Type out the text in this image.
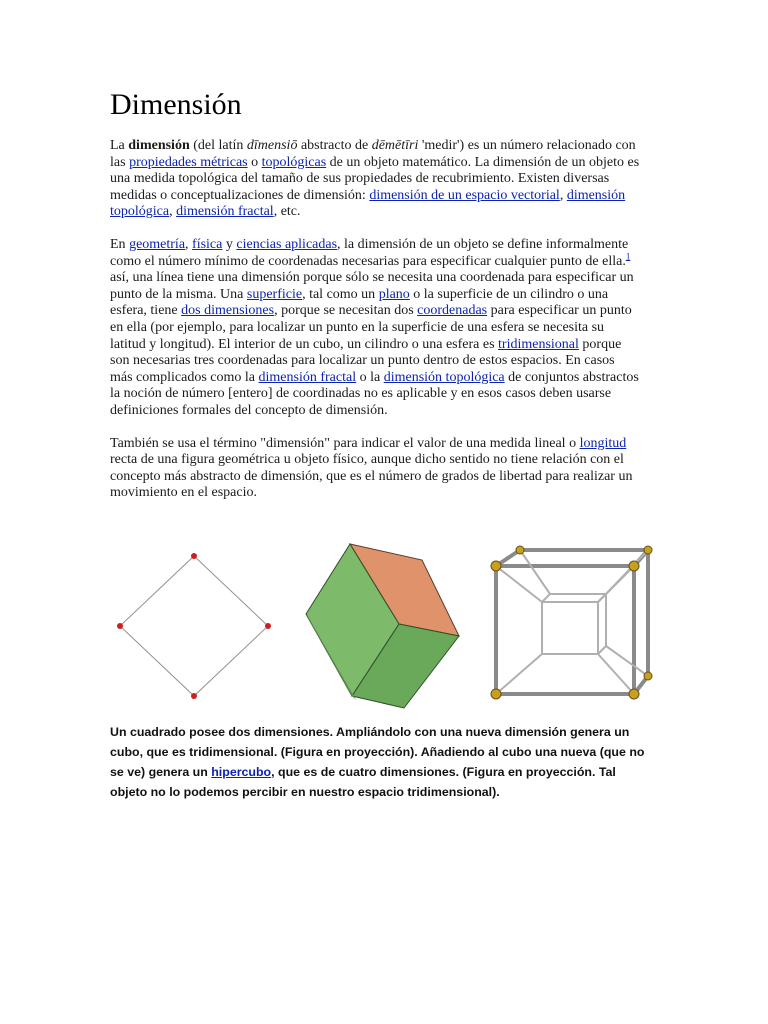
Dimensión

La dimensión (del latín dīmensiō abstracto de dēmētīri 'medir') es un número relacionado con las propiedades métricas o topológicas de un objeto matemático. La dimensión de un objeto es una medida topológica del tamaño de sus propiedades de recubrimiento. Existen diversas medidas o conceptualizaciones de dimensión: dimensión de un espacio vectorial, dimensión topológica, dimensión fractal, etc.

En geometría, física y ciencias aplicadas, la dimensión de un objeto se define informalmente como el número mínimo de coordenadas necesarias para especificar cualquier punto de ella.$^1$ así, una línea tiene una dimensión porque sólo se necesita una coordenada para especificar un punto de la misma. Una superficie, tal como un plano o la superficie de un cilindro o una esfera, tiene dos dimensiones, porque se necesitan dos coordenadas para especificar un punto en ella (por ejemplo, para localizar un punto en la superficie de una esfera se necesita su latitud y longitud). El interior de un cubo, un cilindro o una esfera es tridimensional porque son necesarias tres coordenadas para localizar un punto dentro de estos espacios. En casos más complicados como la dimensión fractal o la dimensión topológica de conjuntos abstractos la noción de número [entero] de coordinadas no es aplicable y en esos casos deben usarse definiciones formales del concepto de dimensión.

También se usa el término "dimensión" para indicar el valor de una medida lineal o longitud recta de una figura geométrica u objeto físico, aunque dicho sentido no tiene relación con el concepto más abstracto de dimensión, que es el número de grados de libertad para realizar un movimiento en el espacio.

Un cuadrado posee dos dimensiones. Ampliándolo con una nueva dimensión genera un cubo, que es tridimensional. (Figura en proyección). Añadiendo al cubo una nueva (que no se ve) genera un hipercubo, que es de cuatro dimensiones. (Figura en proyección. Tal objeto no lo podemos percibir en nuestro espacio tridimensional).
